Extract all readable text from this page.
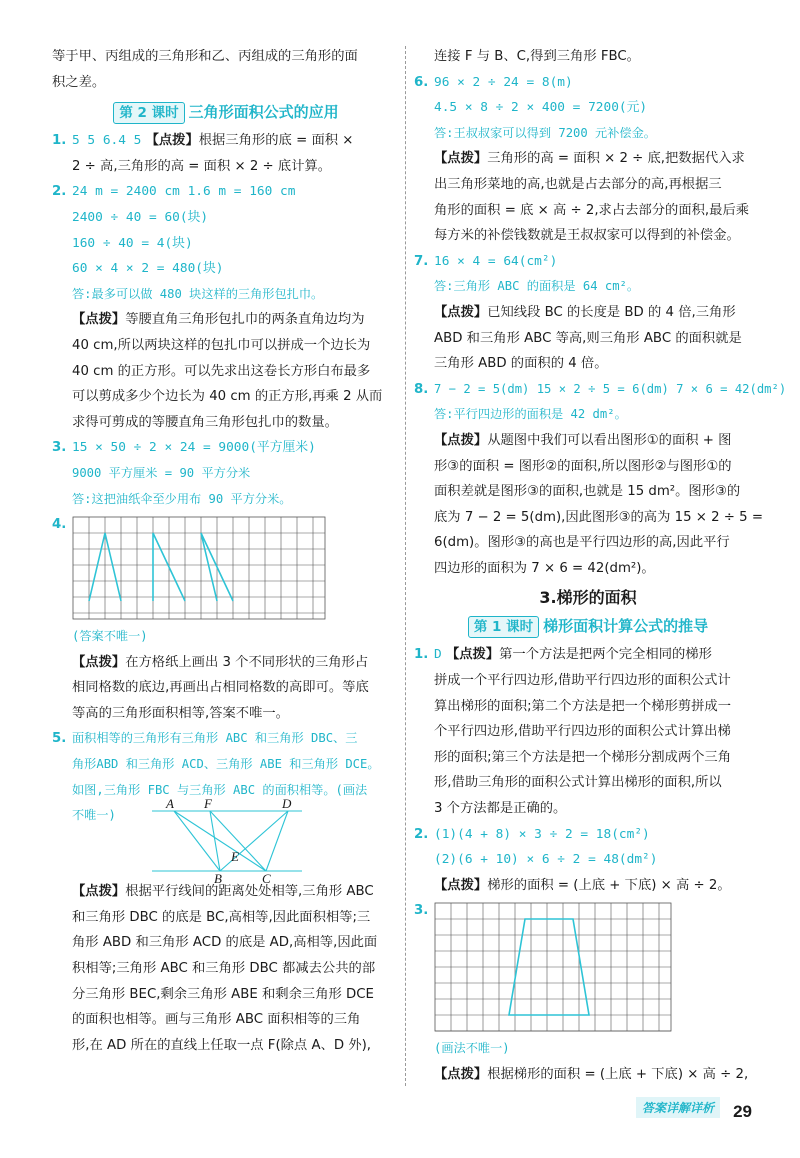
等于甲、丙组成的三角形和乙、丙组成的三角形的面
积之差。
第 2 课时 三角形面积公式的应用
1. 5 5 6.4 5 【点拨】根据三角形的底 = 面积 ×
2 ÷ 高,三角形的高 = 面积 × 2 ÷ 底计算。
2. 24 m = 2400 cm 1.6 m = 160 cm
2400 ÷ 40 = 60(块)
160 ÷ 40 = 4(块)
60 × 4 × 2 = 480(块)
答:最多可以做 480 块这样的三角形包扎巾。
【点拨】等腰直角三角形包扎巾的两条直角边均为
40 cm,所以两块这样的包扎巾可以拼成一个边长为
40 cm 的正方形。可以先求出这卷长方形白布最多
可以剪成多少个边长为 40 cm 的正方形,再乘 2 从而
求得可剪成的等腰直角三角形包扎巾的数量。
3. 15 × 50 ÷ 2 × 24 = 9000(平方厘米)
9000 平方厘米 = 90 平方分米
答:这把油纸伞至少用布 90 平方分米。
4.
(答案不唯一)
【点拨】在方格纸上画出 3 个不同形状的三角形占
相同格数的底边,再画出占相同格数的高即可。等底
等高的三角形面积相等,答案不唯一。
5. 面积相等的三角形有三角形 ABC 和三角形 DBC、三
角形ABD 和三角形 ACD、三角形 ABE 和三角形 DCE。
如图,三角形 FBC 与三角形 ABC 的面积相等。(画法
不唯一)
A F	D
E
B	C
【点拨】根据平行线间的距离处处相等,三角形 ABC
和三角形 DBC 的底是 BC,高相等,因此面积相等;三
角形 ABD 和三角形 ACD 的底是 AD,高相等,因此面
积相等;三角形 ABC 和三角形 DBC 都减去公共的部
分三角形 BEC,剩余三角形 ABE 和剩余三角形 DCE
的面积也相等。画与三角形 ABC 面积相等的三角
形,在 AD 所在的直线上任取一点 F(除点 A、D 外),
连接 F 与 B、C,得到三角形 FBC。
6. 96 × 2 ÷ 24 = 8(m)
4.5 × 8 ÷ 2 × 400 = 7200(元)
答:王叔叔家可以得到 7200 元补偿金。
【点拨】三角形的高 = 面积 × 2 ÷ 底,把数据代入求
出三角形菜地的高,也就是占去部分的高,再根据三
角形的面积 = 底 × 高 ÷ 2,求占去部分的面积,最后乘
每方米的补偿钱数就是王叔叔家可以得到的补偿金。
7. 16 × 4 = 64(cm²)
答:三角形 ABC 的面积是 64 cm²。
【点拨】已知线段 BC 的长度是 BD 的 4 倍,三角形
ABD 和三角形 ABC 等高,则三角形 ABC 的面积就是
三角形 ABD 的面积的 4 倍。
8. 7 − 2 = 5(dm) 15 × 2 ÷ 5 = 6(dm) 7 × 6 = 42(dm²)
答:平行四边形的面积是 42 dm²。
【点拨】从题图中我们可以看出图形①的面积 + 图
形③的面积 = 图形②的面积,所以图形②与图形①的
面积差就是图形③的面积,也就是 15 dm²。图形③的
底为 7 − 2 = 5(dm),因此图形③的高为 15 × 2 ÷ 5 =
6(dm)。图形③的高也是平行四边形的高,因此平行
四边形的面积为 7 × 6 = 42(dm²)。
3.梯形的面积
第 1 课时 梯形面积计算公式的推导
1. D 【点拨】第一个方法是把两个完全相同的梯形
拼成一个平行四边形,借助平行四边形的面积公式计
算出梯形的面积;第二个方法是把一个梯形剪拼成一
个平行四边形,借助平行四边形的面积公式计算出梯
形的面积;第三个方法是把一个梯形分割成两个三角
形,借助三角形的面积公式计算出梯形的面积,所以
3 个方法都是正确的。
2. (1)(4 + 8) × 3 ÷ 2 = 18(cm²)
(2)(6 + 10) × 6 ÷ 2 = 48(dm²)
【点拨】梯形的面积 = (上底 + 下底) × 高 ÷ 2。
3.
(画法不唯一)
【点拨】根据梯形的面积 = (上底 + 下底) × 高 ÷ 2,
答案详解详析	29
